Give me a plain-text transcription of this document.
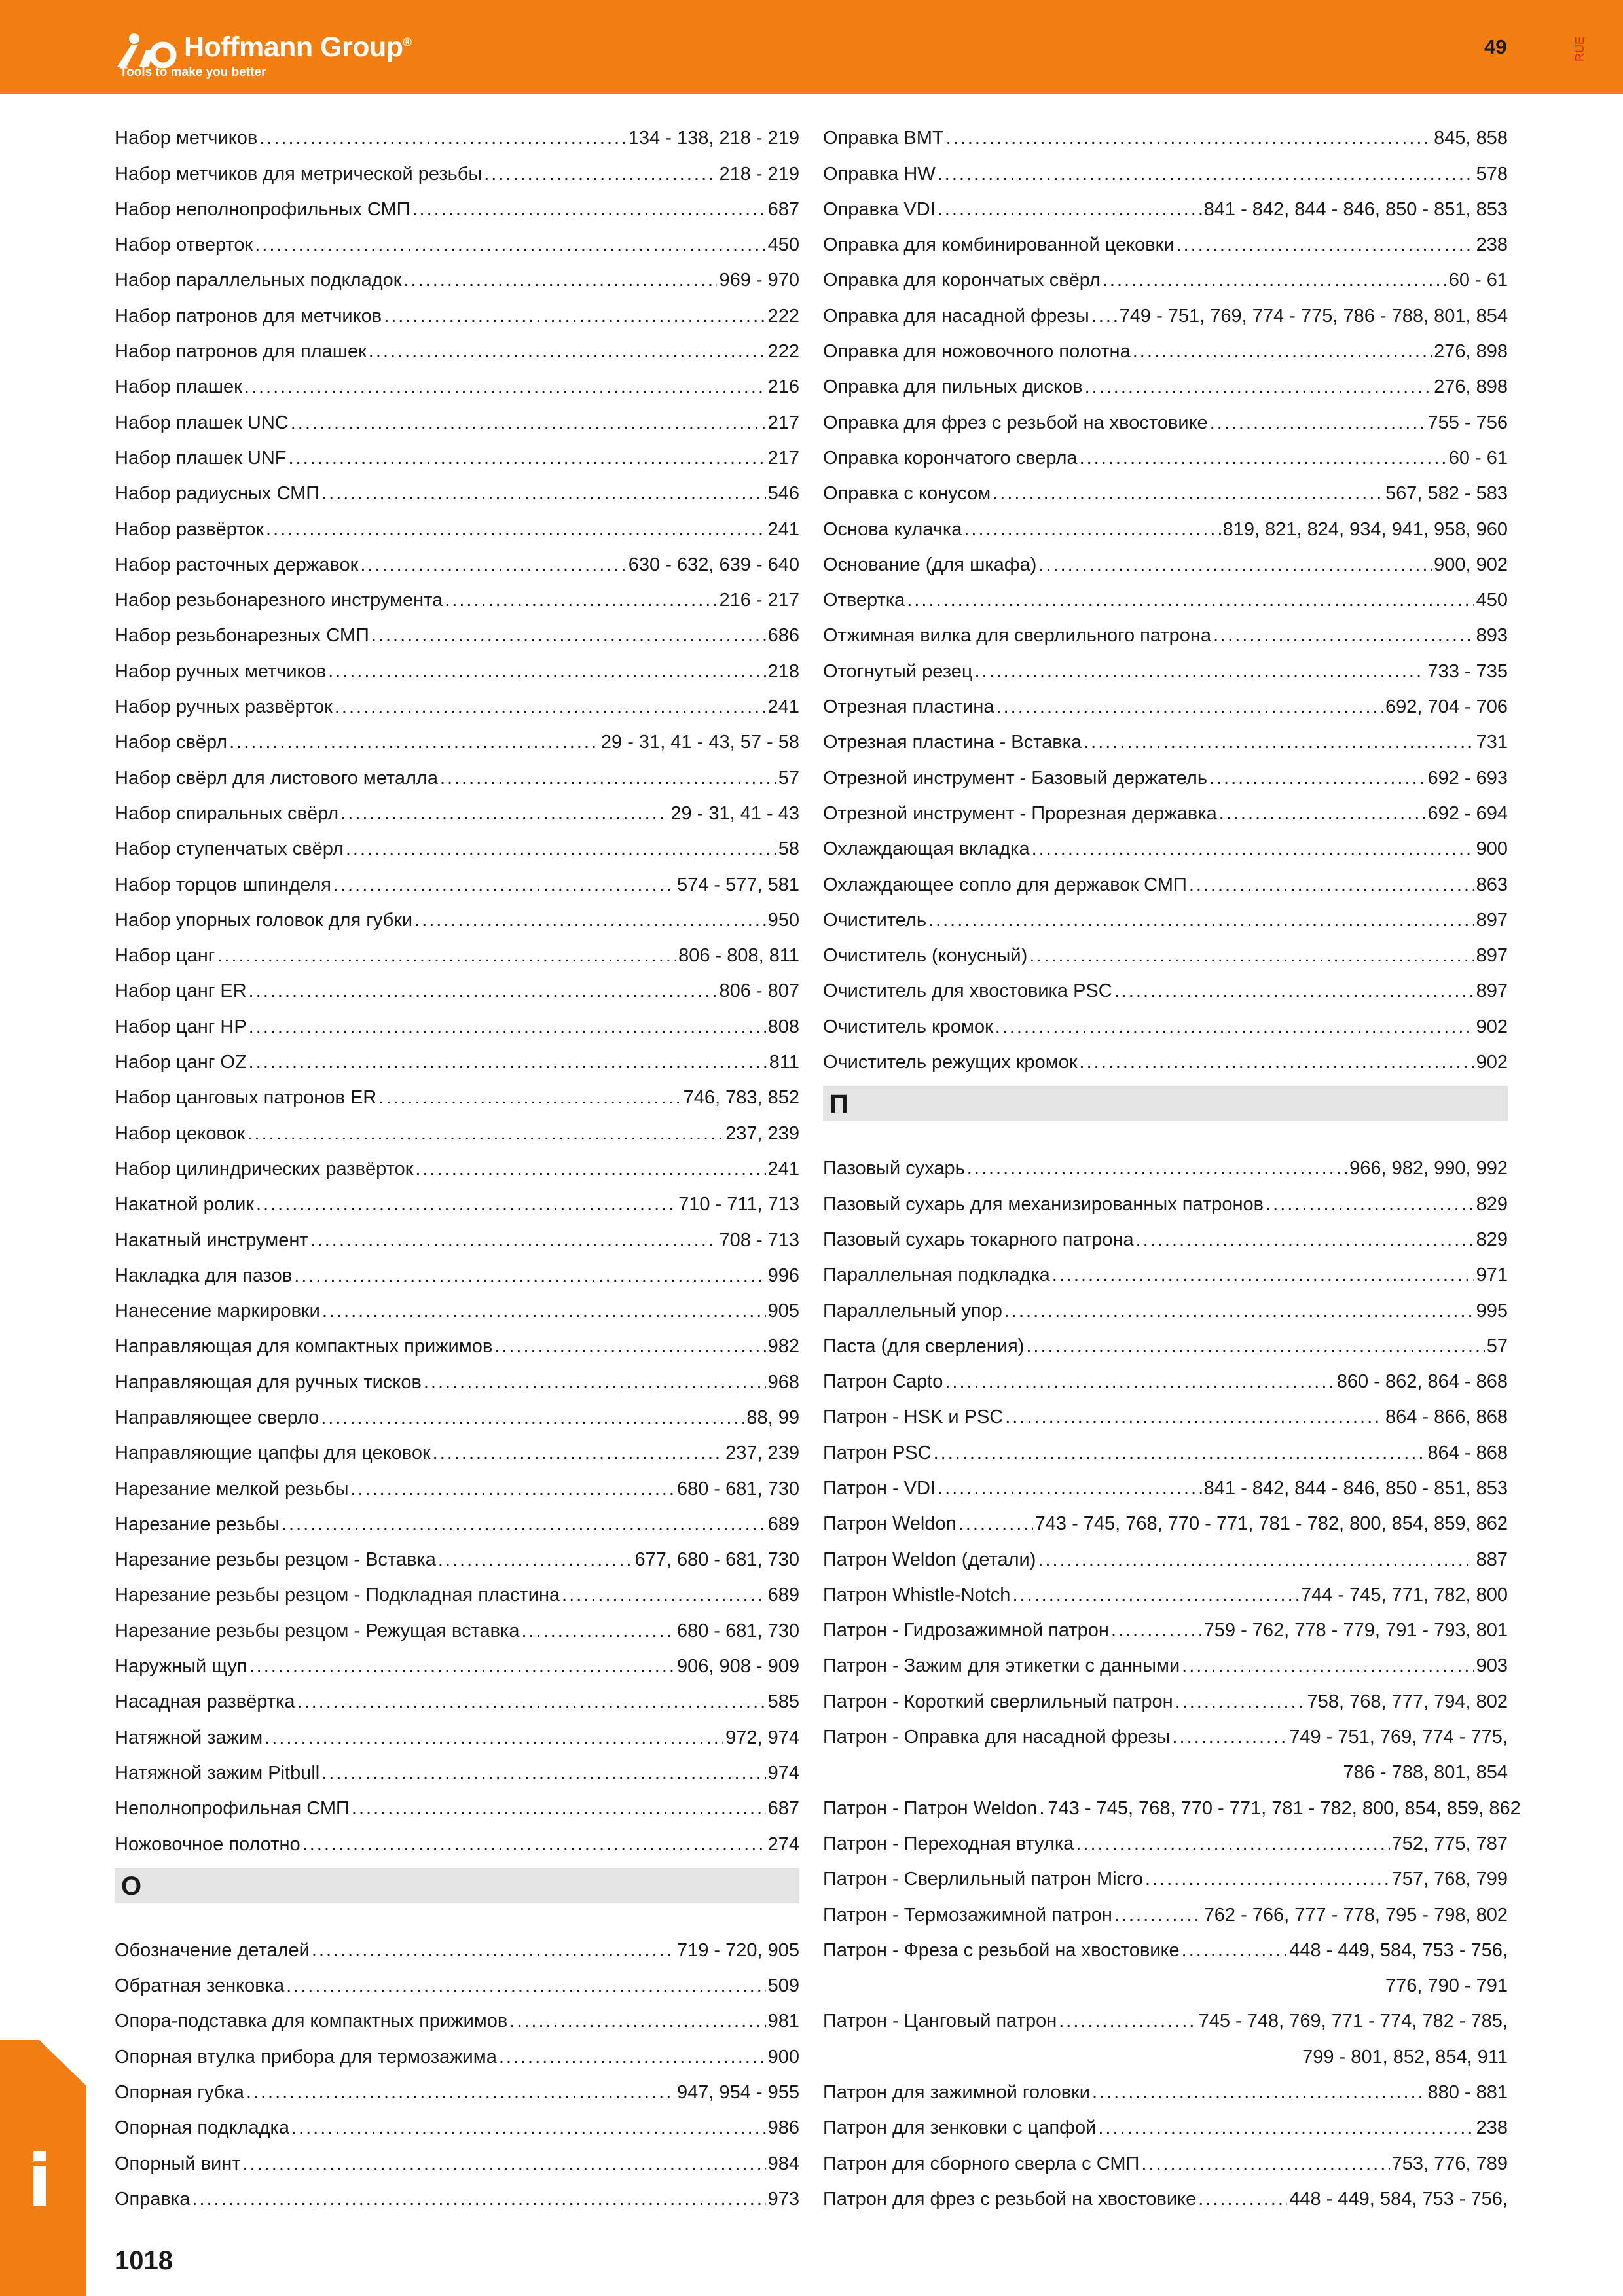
Hoffmann Group®
Tools to make you better
49	RUE
Набор метчиков .....	134 - 138, 218 - 219
Набор метчиков для метрической резьбы .....	218 - 219
Набор неполнопрофильных СМП .....	687
Набор отверток .....	450
Набор параллельных подкладок .....	969 - 970
Набор патронов для метчиков .....	222
Набор патронов для плашек .....	222
Набор плашек .....	216
Набор плашек UNC .....	217
Набор плашек UNF .....	217
Набор радиусных СМП .....	546
Набор развёрток .....	241
Набор расточных державок .....	630 - 632, 639 - 640
Набор резьбонарезного инструмента .....	216 - 217
Набор резьбонарезных СМП .....	686
Набор ручных метчиков .....	218
Набор ручных развёрток .....	241
Набор свёрл .....	29 - 31, 41 - 43, 57 - 58
Набор свёрл для листового металла .....	57
Набор спиральных свёрл .....	29 - 31, 41 - 43
Набор ступенчатых свёрл .....	58
Набор торцов шпинделя .....	574 - 577, 581
Набор упорных головок для губки .....	950
Набор цанг .....	806 - 808, 811
Набор цанг ER .....	806 - 807
Набор цанг HP .....	808
Набор цанг OZ .....	811
Набор цанговых патронов ER .....	746, 783, 852
Набор цековок .....	237, 239
Набор цилиндрических развёрток .....	241
Накатной ролик .....	710 - 711, 713
Накатный инструмент .....	708 - 713
Накладка для пазов .....	996
Нанесение маркировки .....	905
Направляющая для компактных прижимов .....	982
Направляющая для ручных тисков .....	968
Направляющее сверло .....	88, 99
Направляющие цапфы для цековок .....	237, 239
Нарезание мелкой резьбы .....	680 - 681, 730
Нарезание резьбы .....	689
Нарезание резьбы резцом - Вставка .....	677, 680 - 681, 730
Нарезание резьбы резцом - Подкладная пластина .....	689
Нарезание резьбы резцом - Режущая вставка .....	680 - 681, 730
Наружный щуп .....	906, 908 - 909
Насадная развёртка .....	585
Натяжной зажим .....	972, 974
Натяжной зажим Pitbull .....	974
Неполнопрофильная СМП .....	687
Ножовочное полотно .....	274
О
Обозначение деталей .....	719 - 720, 905
Обратная зенковка .....	509
Опора-подставка для компактных прижимов .....	981
Опорная втулка прибора для термозажима .....	900
Опорная губка .....	947, 954 - 955
Опорная подкладка .....	986
Опорный винт .....	984
Оправка .....	973
Оправка BMT .....	845, 858
Оправка HW .....	578
Оправка VDI .....	841 - 842, 844 - 846, 850 - 851, 853
Оправка для комбинированной цековки .....	238
Оправка для корончатых свёрл .....	60 - 61
Оправка для насадной фрезы ..... 749 - 751, 769, 774 - 775, 786 - 788, 801, 854
Оправка для ножовочного полотна .....	276, 898
Оправка для пильных дисков .....	276, 898
Оправка для фрез с резьбой на хвостовике .....	755 - 756
Оправка корончатого сверла .....	60 - 61
Оправка с конусом .....	567, 582 - 583
Основа кулачка .....	819, 821, 824, 934, 941, 958, 960
Основание (для шкафа) .....	900, 902
Отвертка .....	450
Отжимная вилка для сверлильного патрона .....	893
Отогнутый резец .....	733 - 735
Отрезная пластина .....	692, 704 - 706
Отрезная пластина - Вставка .....	731
Отрезной инструмент - Базовый держатель .....	692 - 693
Отрезной инструмент - Прорезная державка .....	692 - 694
Охлаждающая вкладка .....	900
Охлаждающее сопло для державок СМП .....	863
Очиститель .....	897
Очиститель (конусный) .....	897
Очиститель для хвостовика PSC .....	897
Очиститель кромок .....	902
Очиститель режущих кромок .....	902
П
Пазовый сухарь .....	966, 982, 990, 992
Пазовый сухарь для механизированных патронов .....	829
Пазовый сухарь токарного патрона .....	829
Параллельная подкладка .....	971
Параллельный упор .....	995
Паста (для сверления) .....	57
Патрон Capto .....	860 - 862, 864 - 868
Патрон - HSK и PSC .....	864 - 866, 868
Патрон PSC .....	864 - 868
Патрон - VDI .....	841 - 842, 844 - 846, 850 - 851, 853
Патрон Weldon .....	743 - 745, 768, 770 - 771, 781 - 782, 800, 854, 859, 862
Патрон Weldon (детали) .....	887
Патрон Whistle-Notch .....	744 - 745, 771, 782, 800
Патрон - Гидрозажимной патрон .....	759 - 762, 778 - 779, 791 - 793, 801
Патрон - Зажим для этикетки с данными .....	903
Патрон - Короткий сверлильный патрон .....	758, 768, 777, 794, 802
Патрон - Оправка для насадной фрезы .....	749 - 751, 769, 774 - 775,
786 - 788, 801, 854
Патрон - Патрон Weldon ..... 743 - 745, 768, 770 - 771, 781 - 782, 800, 854, 859, 862
Патрон - Переходная втулка .....	752, 775, 787
Патрон - Сверлильный патрон Micro .....	757, 768, 799
Патрон - Термозажимной патрон .....	762 - 766, 777 - 778, 795 - 798, 802
Патрон - Фреза с резьбой на хвостовике .....	448 - 449, 584, 753 - 756,
776, 790 - 791
Патрон - Цанговый патрон .....	745 - 748, 769, 771 - 774, 782 - 785,
799 - 801, 852, 854, 911
Патрон для зажимной головки .....	880 - 881
Патрон для зенковки с цапфой .....	238
Патрон для сборного сверла с СМП .....	753, 776, 789
Патрон для фрез с резьбой на хвостовике .....	448 - 449, 584, 753 - 756,
i
1018
